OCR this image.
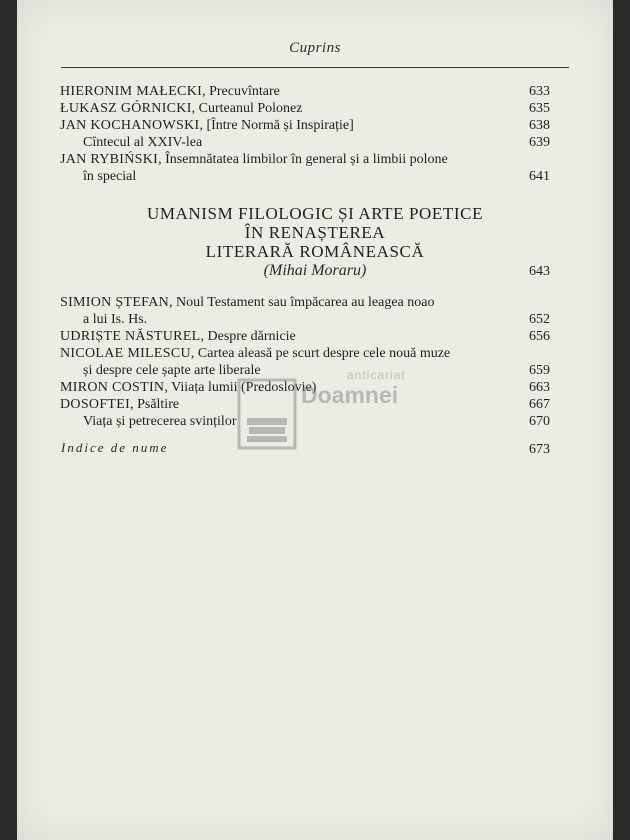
Cuprins
HIERONIM MAŁECKI, Precuvîntare	633
ŁUKASZ GÓRNICKI, Curteanul Polonez	635
JAN KOCHANOWSKI, [Între Normă și Inspirație]	638
Cîntecul al XXIV-lea	639
JAN RYBIŃSKI, Însemnătatea limbilor în general și a limbii polone
în special	641
UMANISM FILOLOGIC ȘI ARTE POETICE
ÎN RENAȘTEREA
LITERARĂ ROMÂNEASCĂ
(Mihai Moraru)	643
SIMION ȘTEFAN, Noul Testament sau împăcarea au leagea noao
a lui Is. Hs.	652
UDRIȘTE NĂSTUREL, Despre dărnicie	656
NICOLAE MILESCU, Cartea aleasă pe scurt despre cele nouă muze
și despre cele șapte arte liberale	659
MIRON COSTIN, Viiața lumii (Predoslovie)	663
DOSOFTEI, Psăltire	667
Viața și petrecerea svinților	670
Indice de nume	673
anticariat
Doamnei
